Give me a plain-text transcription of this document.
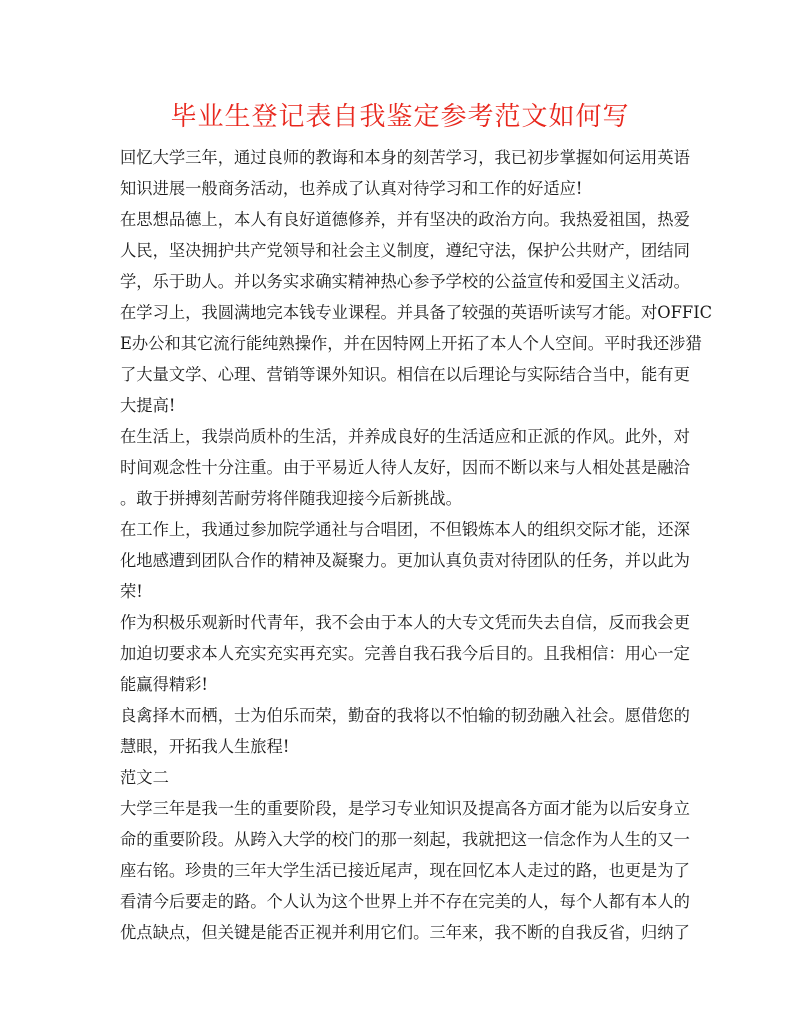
毕业生登记表自我鉴定参考范文如何写
回忆大学三年，通过良师的教诲和本身的刻苦学习，我已初步掌握如何运用英语
知识进展一般商务活动，也养成了认真对待学习和工作的好适应!
在思想品德上，本人有良好道德修养，并有坚决的政治方向。我热爱祖国，热爱
人民，坚决拥护共产党领导和社会主义制度，遵纪守法，保护公共财产，团结同
学，乐于助人。并以务实求确实精神热心参予学校的公益宣传和爱国主义活动。
在学习上，我圆满地完本钱专业课程。并具备了较强的英语听读写才能。对OFFIC
E办公和其它流行能纯熟操作，并在因特网上开拓了本人个人空间。平时我还涉猎
了大量文学、心理、营销等课外知识。相信在以后理论与实际结合当中，能有更
大提高!
在生活上，我崇尚质朴的生活，并养成良好的生活适应和正派的作风。此外，对
时间观念性十分注重。由于平易近人待人友好，因而不断以来与人相处甚是融洽
。敢于拼搏刻苦耐劳将伴随我迎接今后新挑战。
在工作上，我通过参加院学通社与合唱团，不但锻炼本人的组织交际才能，还深
化地感遭到团队合作的精神及凝聚力。更加认真负责对待团队的任务，并以此为
荣!
作为积极乐观新时代青年，我不会由于本人的大专文凭而失去自信，反而我会更
加迫切要求本人充实充实再充实。完善自我石我今后目的。且我相信：用心一定
能赢得精彩!
良禽择木而栖，士为伯乐而荣，勤奋的我将以不怕输的韧劲融入社会。愿借您的
慧眼，开拓我人生旅程!
范文二
大学三年是我一生的重要阶段，是学习专业知识及提高各方面才能为以后安身立
命的重要阶段。从跨入大学的校门的那一刻起，我就把这一信念作为人生的又一
座右铭。珍贵的三年大学生活已接近尾声，现在回忆本人走过的路，也更是为了
看清今后要走的路。个人认为这个世界上并不存在完美的人，每个人都有本人的
优点缺点，但关键是能否正视并利用它们。三年来，我不断的自我反省，归纳了
